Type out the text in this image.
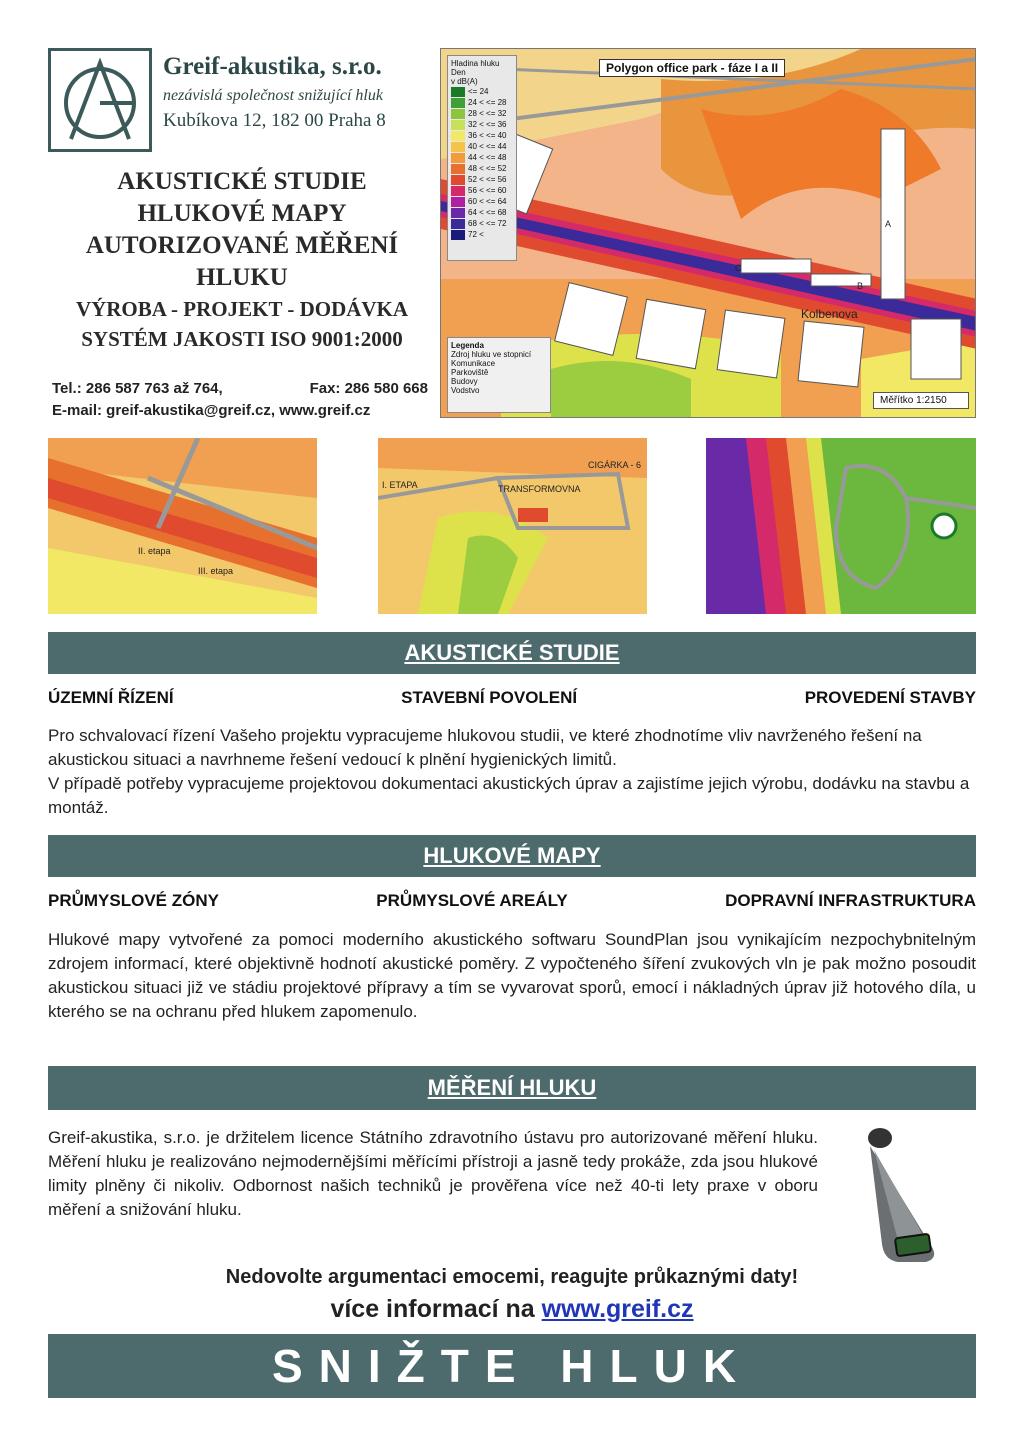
Greif-akustika, s.r.o.
nezávislá společnost snižující hluk
Kubíkova 12, 182 00 Praha 8
AKUSTICKÉ STUDIE
HLUKOVÉ MAPY
AUTORIZOVANÉ MĚŘENÍ
HLUKU
VÝROBA - PROJEKT - DODÁVKA
SYSTÉM JAKOSTI ISO 9001:2000
Tel.: 286 587 763 až 764,	Fax: 286 580 668
E-mail: greif-akustika@greif.cz, www.greif.cz
Polygon office park - fáze I a II
Hladina hluku Den
v dB(A)
<= 24
24 < <= 28
28 < <= 32
32 < <= 36
36 < <= 40
40 < <= 44
44 < <= 48
48 < <= 52
52 < <= 56
56 < <= 60
60 < <= 64
64 < <= 68
68 < <= 72
72 <
Legenda
Zdroj hluku ve stopnicí
Komunikace
Parkoviště
Budovy
Vodstvo
A
B
C
Kolbenova
Měřítko 1:2150
II. etapa
III. etapa
I. ETAPA	TRANSFORMOVNA
CIGÁRKA - 6
AKUSTICKÉ STUDIE
ÚZEMNÍ ŘÍZENÍ	STAVEBNÍ POVOLENÍ	PROVEDENÍ STAVBY
Pro schvalovací řízení Vašeho projektu vypracujeme hlukovou studii, ve které zhodnotíme vliv navrženého řešení na akustickou situaci a navrhneme řešení vedoucí k plnění hygienických limitů.
V případě potřeby vypracujeme projektovou dokumentaci akustických úprav a zajistíme jejich výrobu, dodávku na stavbu a montáž.
HLUKOVÉ MAPY
PRŮMYSLOVÉ ZÓNY	PRŮMYSLOVÉ AREÁLY	DOPRAVNÍ INFRASTRUKTURA
Hlukové mapy vytvořené za pomoci moderního akustického softwaru SoundPlan jsou vynikajícím nezpochybnitelným zdrojem informací, které objektivně hodnotí akustické poměry. Z vypočteného šíření zvukových vln je pak možno posoudit akustickou situaci již ve stádiu projektové přípravy a tím se vyvarovat sporů, emocí i nákladných úprav již hotového díla, u kterého se na ochranu před hlukem zapomenulo.
MĚŘENÍ HLUKU
Greif-akustika, s.r.o. je držitelem licence Státního zdravotního ústavu pro autorizované měření hluku. Měření hluku je realizováno nejmodernějšími měřícími přístroji a jasně tedy prokáže, zda jsou hlukové limity plněny či nikoliv. Odbornost našich techniků je prověřena více než 40-ti lety praxe v oboru měření a snižování hluku.
Nedovolte argumentaci emocemi, reagujte průkaznými daty!
více informací na www.greif.cz
SNIŽTE HLUK
